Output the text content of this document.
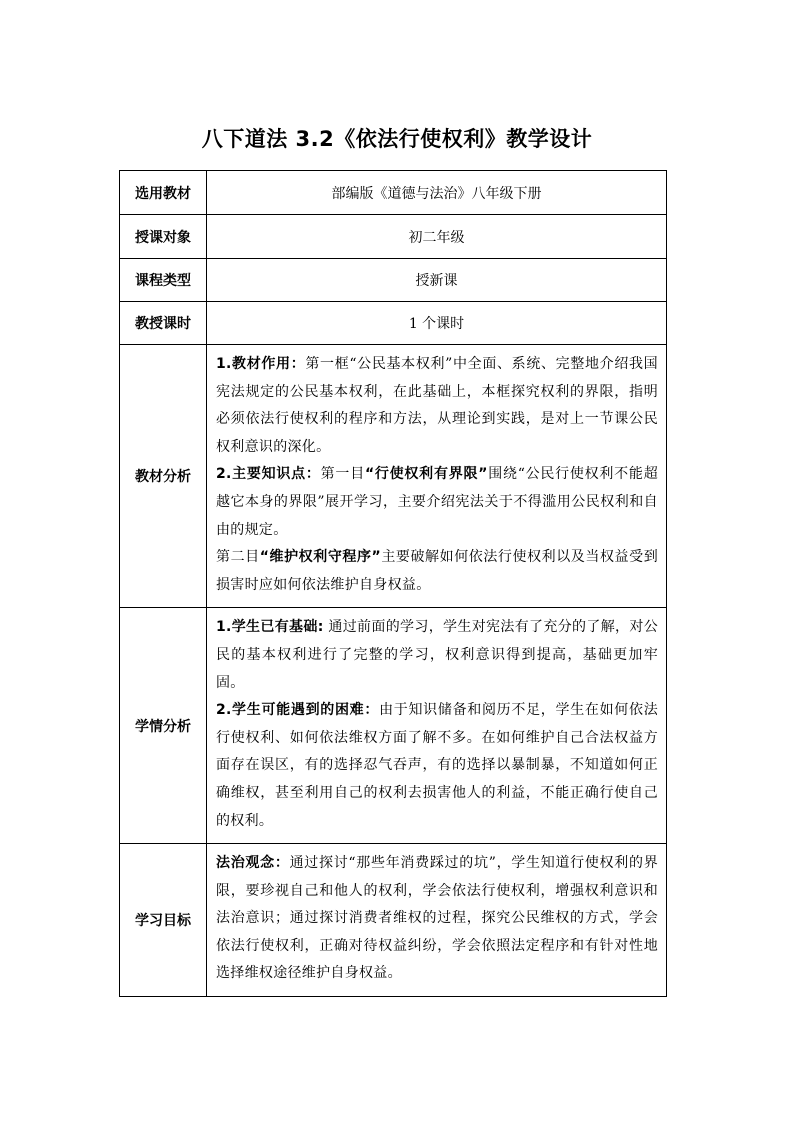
八下道法 3.2《依法行使权利》教学设计
选用教材	部编版《道德与法治》八年级下册
授课对象	初二年级
课程类型	授新课
教授课时	1 个课时
教材分析	1.教材作用：第一框“公民基本权利”中全面、系统、完整地介绍我国宪法规定的公民基本权利，在此基础上，本框探究权利的界限，指明必须依法行使权利的程序和方法，从理论到实践，是对上一节课公民权利意识的深化。
2.主要知识点：第一目“行使权利有界限”围绕“公民行使权利不能超越它本身的界限”展开学习，主要介绍宪法关于不得滥用公民权利和自由的规定。
第二目“维护权利守程序”主要破解如何依法行使权利以及当权益受到损害时应如何依法维护自身权益。

学情分析	1.学生已有基础: 通过前面的学习，学生对宪法有了充分的了解，对公民的基本权利进行了完整的学习，权利意识得到提高，基础更加牢固。
2.学生可能遇到的困难：由于知识储备和阅历不足，学生在如何依法行使权利、如何依法维权方面了解不多。在如何维护自己合法权益方面存在误区，有的选择忍气吞声，有的选择以暴制暴，不知道如何正确维权，甚至利用自己的权利去损害他人的利益，不能正确行使自己的权利。

学习目标	法治观念：通过探讨“那些年消费踩过的坑”，学生知道行使权利的界限，要珍视自己和他人的权利，学会依法行使权利，增强权利意识和法治意识；通过探讨消费者维权的过程，探究公民维权的方式，学会依法行使权利，正确对待权益纠纷，学会依照法定程序和有针对性地选择维权途径维护自身权益。
